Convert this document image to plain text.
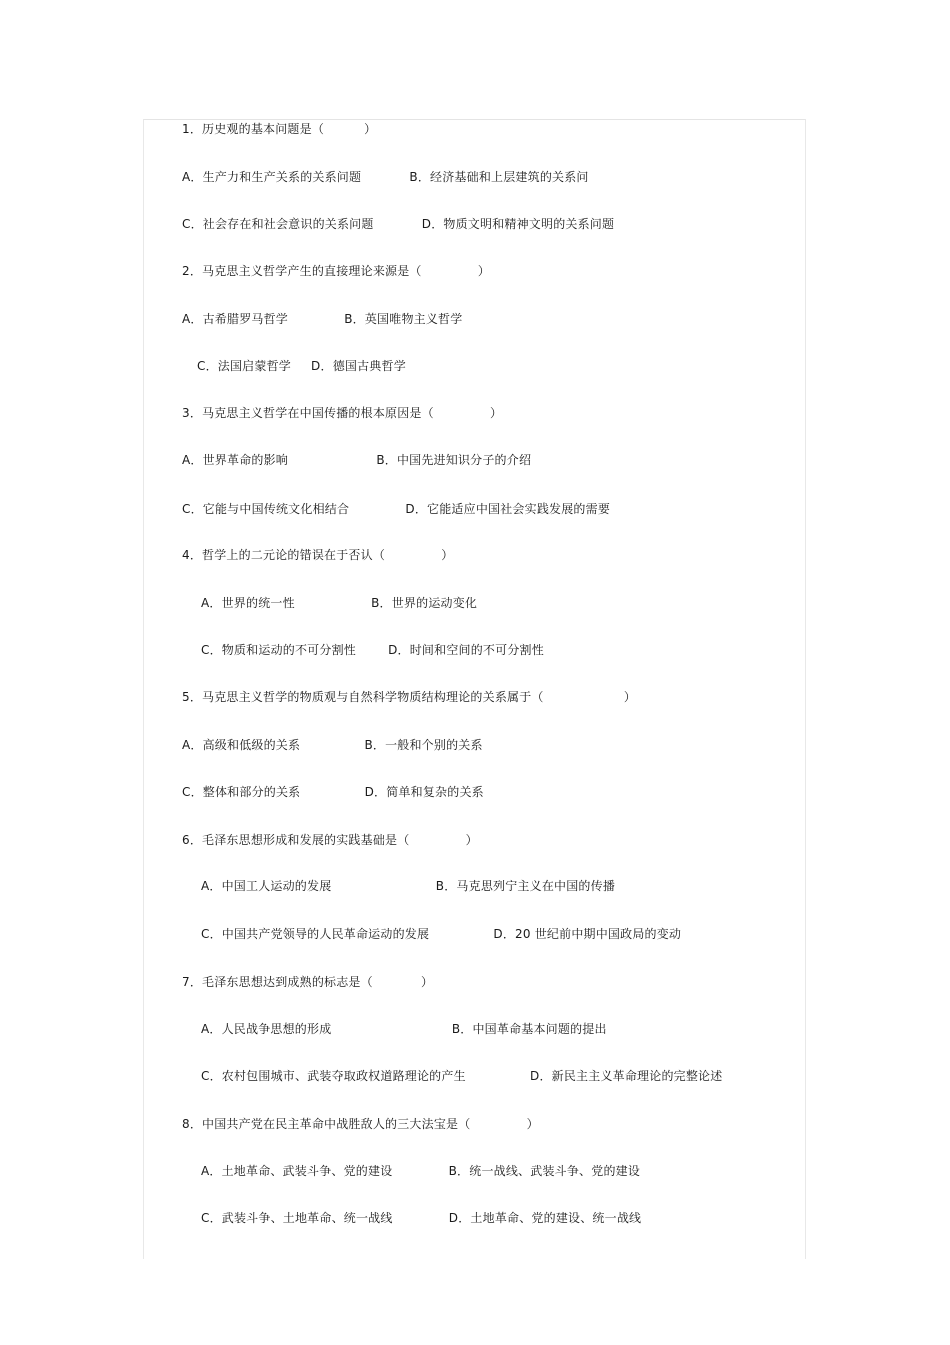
1．历史观的基本问题是（          ）
A．生产力和生产关系的关系问题            B．经济基础和上层建筑的关系问
C．社会存在和社会意识的关系问题            D．物质文明和精神文明的关系问题
2．马克思主义哲学产生的直接理论来源是（              ）
A．古希腊罗马哲学              B．英国唯物主义哲学
C．法国启蒙哲学     D．德国古典哲学
3．马克思主义哲学在中国传播的根本原因是（              ）
A．世界革命的影响                      B．中国先进知识分子的介绍
C．它能与中国传统文化相结合              D．它能适应中国社会实践发展的需要
4．哲学上的二元论的错误在于否认（              ）
A．世界的统一性                   B．世界的运动变化
C．物质和运动的不可分割性        D．时间和空间的不可分割性
5．马克思主义哲学的物质观与自然科学物质结构理论的关系属于（                    ）
A．高级和低级的关系                B．一般和个别的关系
C．整体和部分的关系                D．简单和复杂的关系
6．毛泽东思想形成和发展的实践基础是（              ）
A．中国工人运动的发展                          B．马克思列宁主义在中国的传播
C．中国共产党领导的人民革命运动的发展                D．20 世纪前中期中国政局的变动
7．毛泽东思想达到成熟的标志是（            ）
A．人民战争思想的形成                              B．中国革命基本问题的提出
C．农村包围城市、武装夺取政权道路理论的产生                D．新民主主义革命理论的完整论述
8．中国共产党在民主革命中战胜敌人的三大法宝是（              ）
A．土地革命、武装斗争、党的建设              B．统一战线、武装斗争、党的建设
C．武装斗争、土地革命、统一战线              D．土地革命、党的建设、统一战线
